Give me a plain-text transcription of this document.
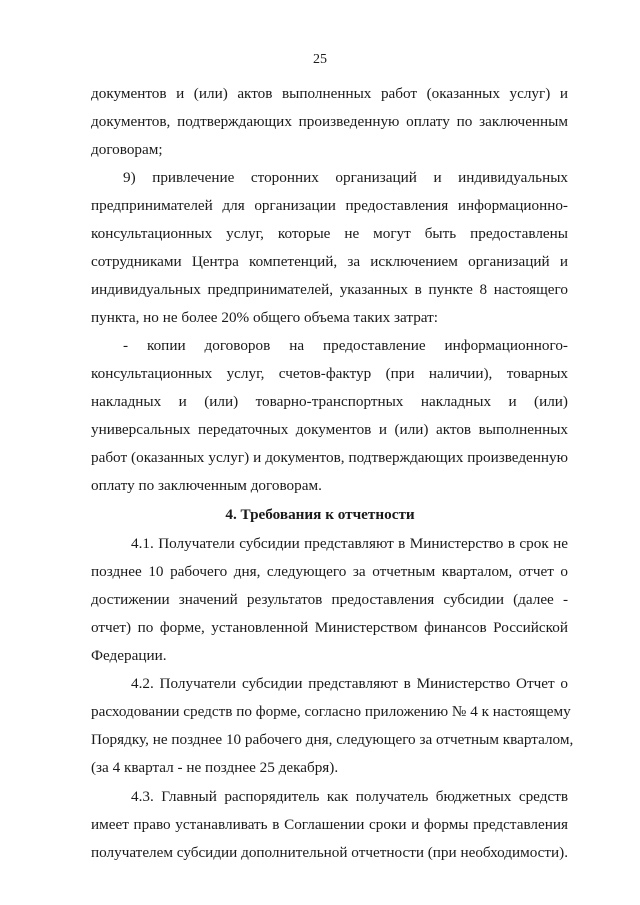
25
документов и (или) актов выполненных работ (оказанных услуг) и
документов, подтверждающих произведенную оплату по заключенным
договорам;
9) привлечение сторонних организаций и индивидуальных
предпринимателей для организации предоставления информационно-
консультационных услуг, которые не могут быть предоставлены
сотрудниками Центра компетенций, за исключением организаций и
индивидуальных предпринимателей, указанных в пункте 8 настоящего
пункта, но не более 20% общего объема таких затрат:
- копии договоров на предоставление информационного-
консультационных услуг, счетов-фактур (при наличии), товарных
накладных и (или) товарно-транспортных накладных и (или)
универсальных передаточных документов и (или) актов выполненных
работ (оказанных услуг) и документов, подтверждающих произведенную
оплату по заключенным договорам.
4. Требования к отчетности
4.1. Получатели субсидии представляют в Министерство в срок не
позднее 10 рабочего дня, следующего за отчетным кварталом, отчет о
достижении значений результатов предоставления субсидии (далее -
отчет) по форме, установленной Министерством финансов Российской
Федерации.
4.2. Получатели субсидии представляют в Министерство Отчет о
расходовании средств по форме, согласно приложению № 4 к настоящему
Порядку, не позднее 10 рабочего дня, следующего за отчетным кварталом,
(за 4 квартал - не позднее 25 декабря).
4.3. Главный распорядитель как получатель бюджетных средств
имеет право устанавливать в Соглашении сроки и формы представления
получателем субсидии дополнительной отчетности (при необходимости).
